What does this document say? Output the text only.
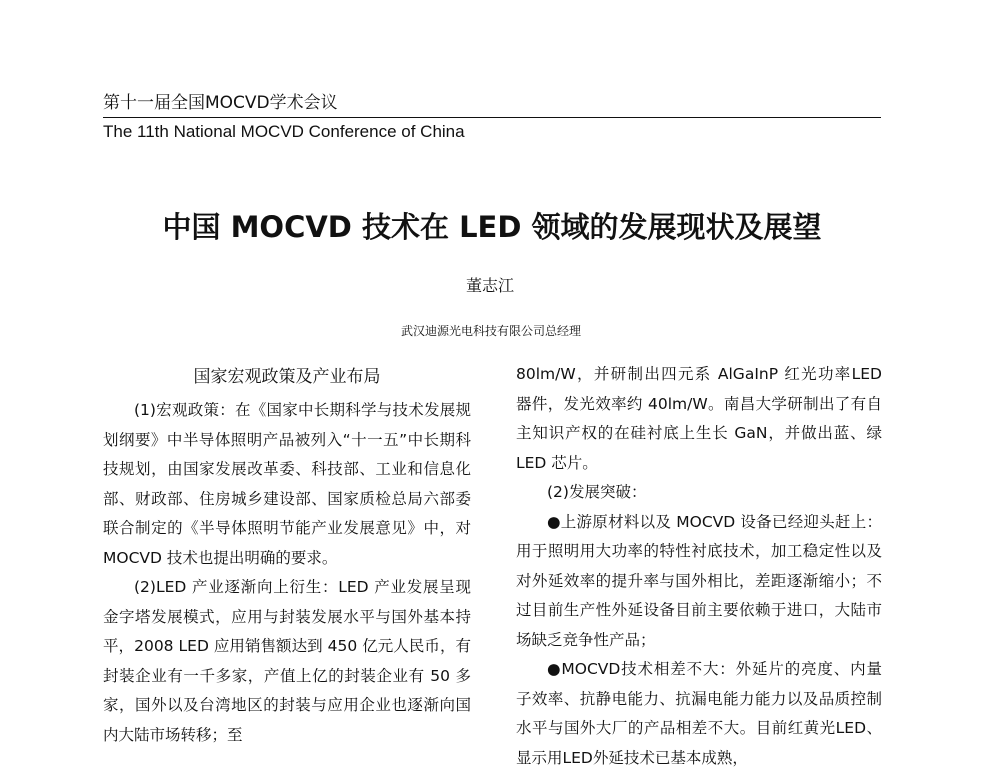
第十一届全国MOCVD学术会议
The 11th National MOCVD Conference of China
中国 MOCVD 技术在 LED 领域的发展现状及展望
董志江
武汉迪源光电科技有限公司总经理
国家宏观政策及产业布局

(1)宏观政策：在《国家中长期科学与技术发展规划纲要》中半导体照明产品被列入“十一五”中长期科技规划，由国家发展改革委、科技部、工业和信息化部、财政部、住房城乡建设部、国家质检总局六部委联合制定的《半导体照明节能产业发展意见》中，对 MOCVD 技术也提出明确的要求。

(2)LED 产业逐渐向上衍生：LED 产业发展呈现金字塔发展模式，应用与封装发展水平与国外基本持平，2008 LED 应用销售额达到 450 亿元人民币，有封装企业有一千多家，产值上亿的封装企业有 50 多家，国外以及台湾地区的封装与应用企业也逐渐向国内大陆市场转移；至

80lm/W，并研制出四元系 AlGaInP 红光功率LED 器件，发光效率约 40lm/W。南昌大学研制出了有自主知识产权的在硅衬底上生长 GaN，并做出蓝、绿 LED 芯片。

(2)发展突破：

●上游原材料以及 MOCVD 设备已经迎头赶上：用于照明用大功率的特性衬底技术，加工稳定性以及对外延效率的提升率与国外相比，差距逐渐缩小；不过目前生产性外延设备目前主要依赖于进口，大陆市场缺乏竞争性产品；

●MOCVD技术相差不大：外延片的亮度、内量子效率、抗静电能力、抗漏电能力能力以及品质控制水平与国外大厂的产品相差不大。目前红黄光LED、显示用LED外延技术已基本成熟，
